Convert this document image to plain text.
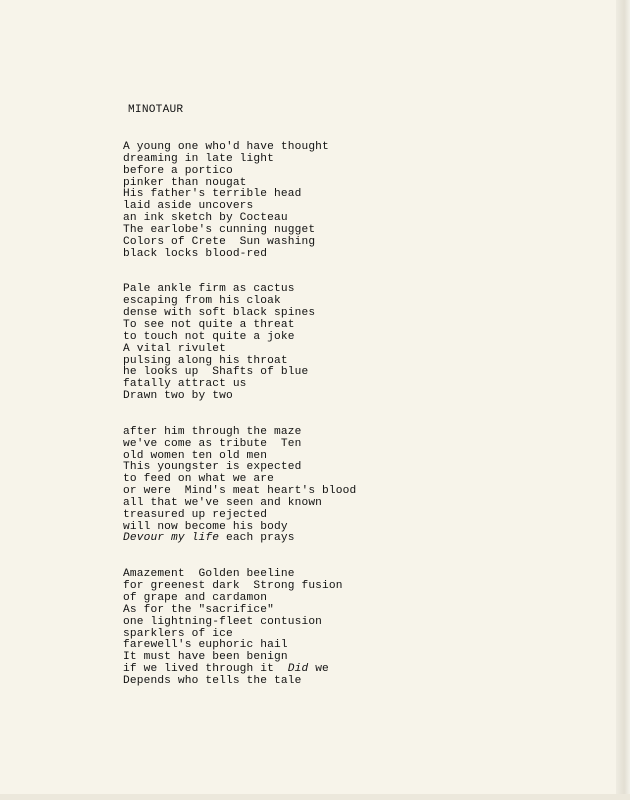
MINOTAUR
A young one who'd have thought
dreaming in late light
before a portico
pinker than nougat
His father's terrible head
laid aside uncovers
an ink sketch by Cocteau
The earlobe's cunning nugget
Colors of Crete  Sun washing
black locks blood-red
Pale ankle firm as cactus
escaping from his cloak
dense with soft black spines
To see not quite a threat
to touch not quite a joke
A vital rivulet
pulsing along his throat
he looks up  Shafts of blue
fatally attract us
Drawn two by two
after him through the maze
we've come as tribute  Ten
old women ten old men
This youngster is expected
to feed on what we are
or were  Mind's meat heart's blood
all that we've seen and known
treasured up rejected
will now become his body
Devour my life each prays
Amazement  Golden beeline
for greenest dark  Strong fusion
of grape and cardamon
As for the "sacrifice"
one lightning-fleet contusion
sparklers of ice
farewell's euphoric hail
It must have been benign
if we lived through it  Did we
Depends who tells the tale
